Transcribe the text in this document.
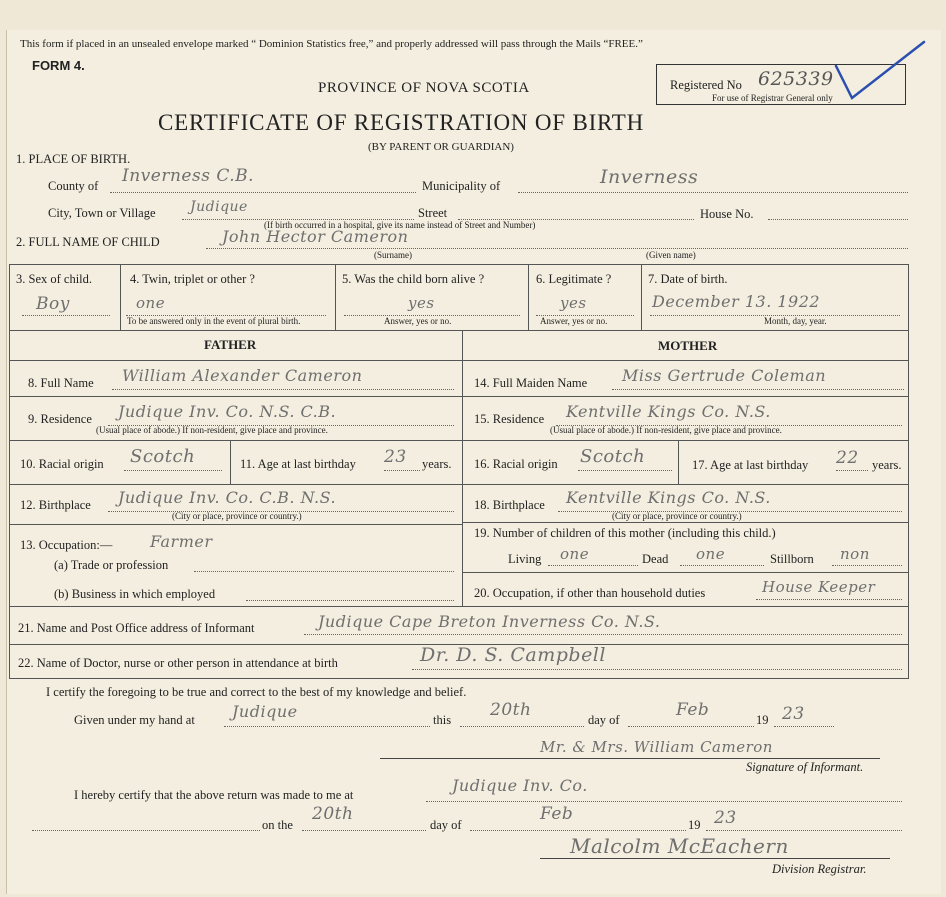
This form if placed in an unsealed envelope marked “ Dominion Statistics free,” and properly addressed will pass through the Mails “FREE.”
FORM 4.
PROVINCE OF NOVA SCOTIA	Registered No 625339
For use of Registrar General only
CERTIFICATE OF REGISTRATION OF BIRTH
(BY PARENT OR GUARDIAN)
1. PLACE OF BIRTH.
County of Inverness C.B.	Municipality of	Inverness
City, Town or Village Judique	Street	House No.
(If birth occurred in a hospital, give its name instead of Street and Number)
2. FULL NAME OF CHILD	John Hector Cameron
(Surname)	(Given name)
3. Sex of child.
Boy
4. Twin, triplet or other ?
one
To be answered only in the event of plural birth.
5. Was the child born alive ?
yes
Answer, yes or no.
6. Legitimate ?
yes
Answer, yes or no.
7. Date of birth.
December 13. 1922
Month, day, year.
FATHER	MOTHER
8. Full Name William Alexander Cameron	14. Full Maiden Name Miss Gertrude Coleman
9. Residence Judique Inv. Co. N.S. C.B.
(Usual place of abode.) If non-resident, give place and province.
15. Residence Kentville Kings Co. N.S.
(Usual place of abode.) If non-resident, give place and province.
10. Racial origin Scotch	11. Age at last birthday 23 years. 16. Racial origin Scotch	17. Age at last birthday 22 years.
12. Birthplace Judique Inv. Co. C.B. N.S.
(City or place, province or country.)
18. Birthplace Kentville Kings Co. N.S.
(City or place, province or country.)
13. Occupation:— Farmer
(a) Trade or profession
(b) Business in which employed
19. Number of children of this mother (including this child.)
Living one	Dead one	Stillborn non
20. Occupation, if other than household duties	House Keeper
21. Name and Post Office address of Informant	Judique Cape Breton Inverness Co. N.S.
22. Name of Doctor, nurse or other person in attendance at birth	Dr. D. S. Campbell
I certify the foregoing to be true and correct to the best of my knowledge and belief.
Given under my hand at Judique	this 20th	day of	Feb	19 23
Mr. & Mrs. William Cameron
Signature of Informant.
I hereby certify that the above return was made to me at	Judique Inv. Co.
on the
20th
day of
Feb
19 23
Malcolm McEachern
Division Registrar.
